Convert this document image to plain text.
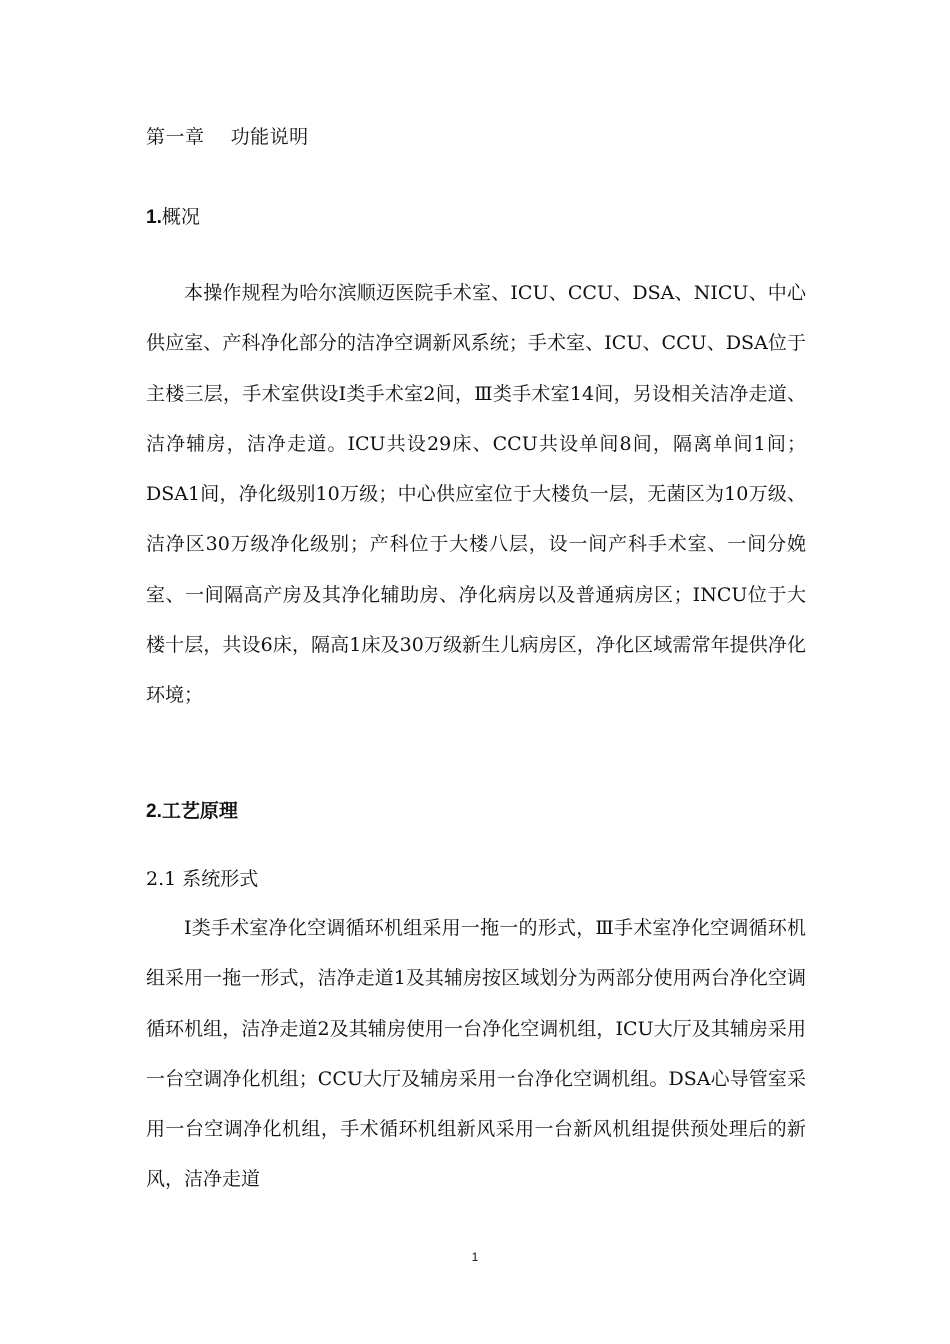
第一章    功能说明
1.概况

本操作规程为哈尔滨顺迈医院手术室、ICU、CCU、DSA、NICU、中心供应室、产科净化部分的洁净空调新风系统；手术室、ICU、CCU、DSA位于主楼三层，手术室供设Ⅰ类手术室2间，Ⅲ类手术室14间，另设相关洁净走道、洁净辅房，洁净走道。ICU共设29床、CCU共设单间8间，隔离单间1间；DSA1间，净化级别10万级；中心供应室位于大楼负一层，无菌区为10万级、洁净区30万级净化级别；产科位于大楼八层，设一间产科手术室、一间分娩室、一间隔高产房及其净化辅助房、净化病房以及普通病房区；INCU位于大楼十层，共设6床，隔高1床及30万级新生儿病房区，净化区域需常年提供净化环境；

2.工艺原理
2.1 系统形式

Ⅰ类手术室净化空调循环机组采用一拖一的形式，Ⅲ手术室净化空调循环机组采用一拖一形式，洁净走道1及其辅房按区域划分为两部分使用两台净化空调循环机组，洁净走道2及其辅房使用一台净化空调机组，ICU大厅及其辅房采用一台空调净化机组；CCU大厅及辅房采用一台净化空调机组。DSA心导管室采用一台空调净化机组，手术循环机组新风采用一台新风机组提供预处理后的新风，洁净走道

1
